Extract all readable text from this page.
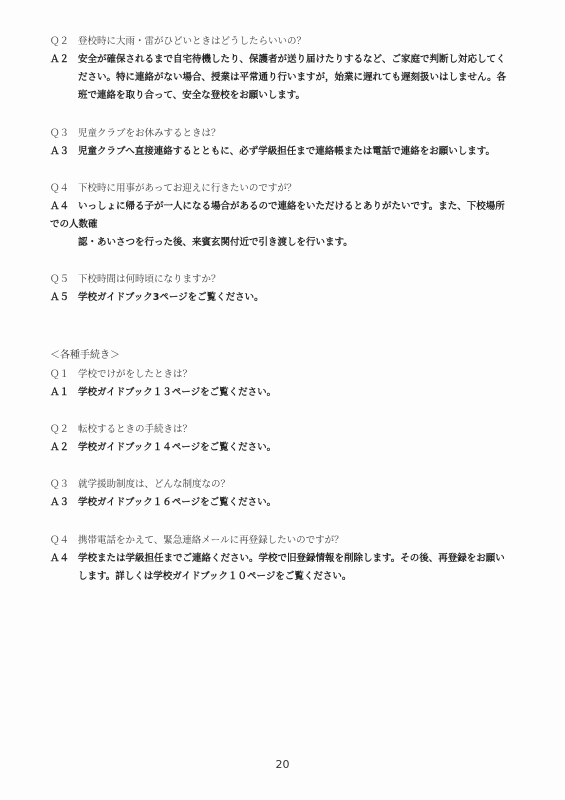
Ｑ２ 登校時に大雨・雷がひどいときはどうしたらいいの？
Ａ２ 安全が確保されるまで自宅待機したり、保護者が送り届けたりするなど、ご家庭で判断し対応してく
ださい。特に連絡がない場合、授業は平常通り行いますが，始業に遅れても遅刻扱いはしません。各
班で連絡を取り合って、安全な登校をお願いします。
Ｑ３ 児童クラブをお休みするときは？
Ａ３ 児童クラブへ直接連絡するとともに、必ず学級担任まで連絡帳または電話で連絡をお願いします。
Ｑ４ 下校時に用事があってお迎えに行きたいのですが？
Ａ４ いっしょに帰る子が一人になる場合があるので連絡をいただけるとありがたいです。また、下校場所
での人数確
認・あいさつを行った後、来賓玄関付近で引き渡しを行います。
Ｑ５ 下校時間は何時頃になりますか？
Ａ５ 学校ガイドブック3ページをご覧ください。
＜各種手続き＞
Ｑ１ 学校でけがをしたときは？
Ａ１ 学校ガイドブック１３ページをご覧ください。
Ｑ２ 転校するときの手続きは？
Ａ２ 学校ガイドブック１４ページをご覧ください。
Ｑ３ 就学援助制度は、どんな制度なの？
Ａ３ 学校ガイドブック１６ページをご覧ください。
Ｑ４ 携帯電話をかえて、緊急連絡メールに再登録したいのですが？
Ａ４ 学校または学級担任までご連絡ください。学校で旧登録情報を削除します。その後、再登録をお願い
します。詳しくは学校ガイドブック１０ページをご覧ください。
20
